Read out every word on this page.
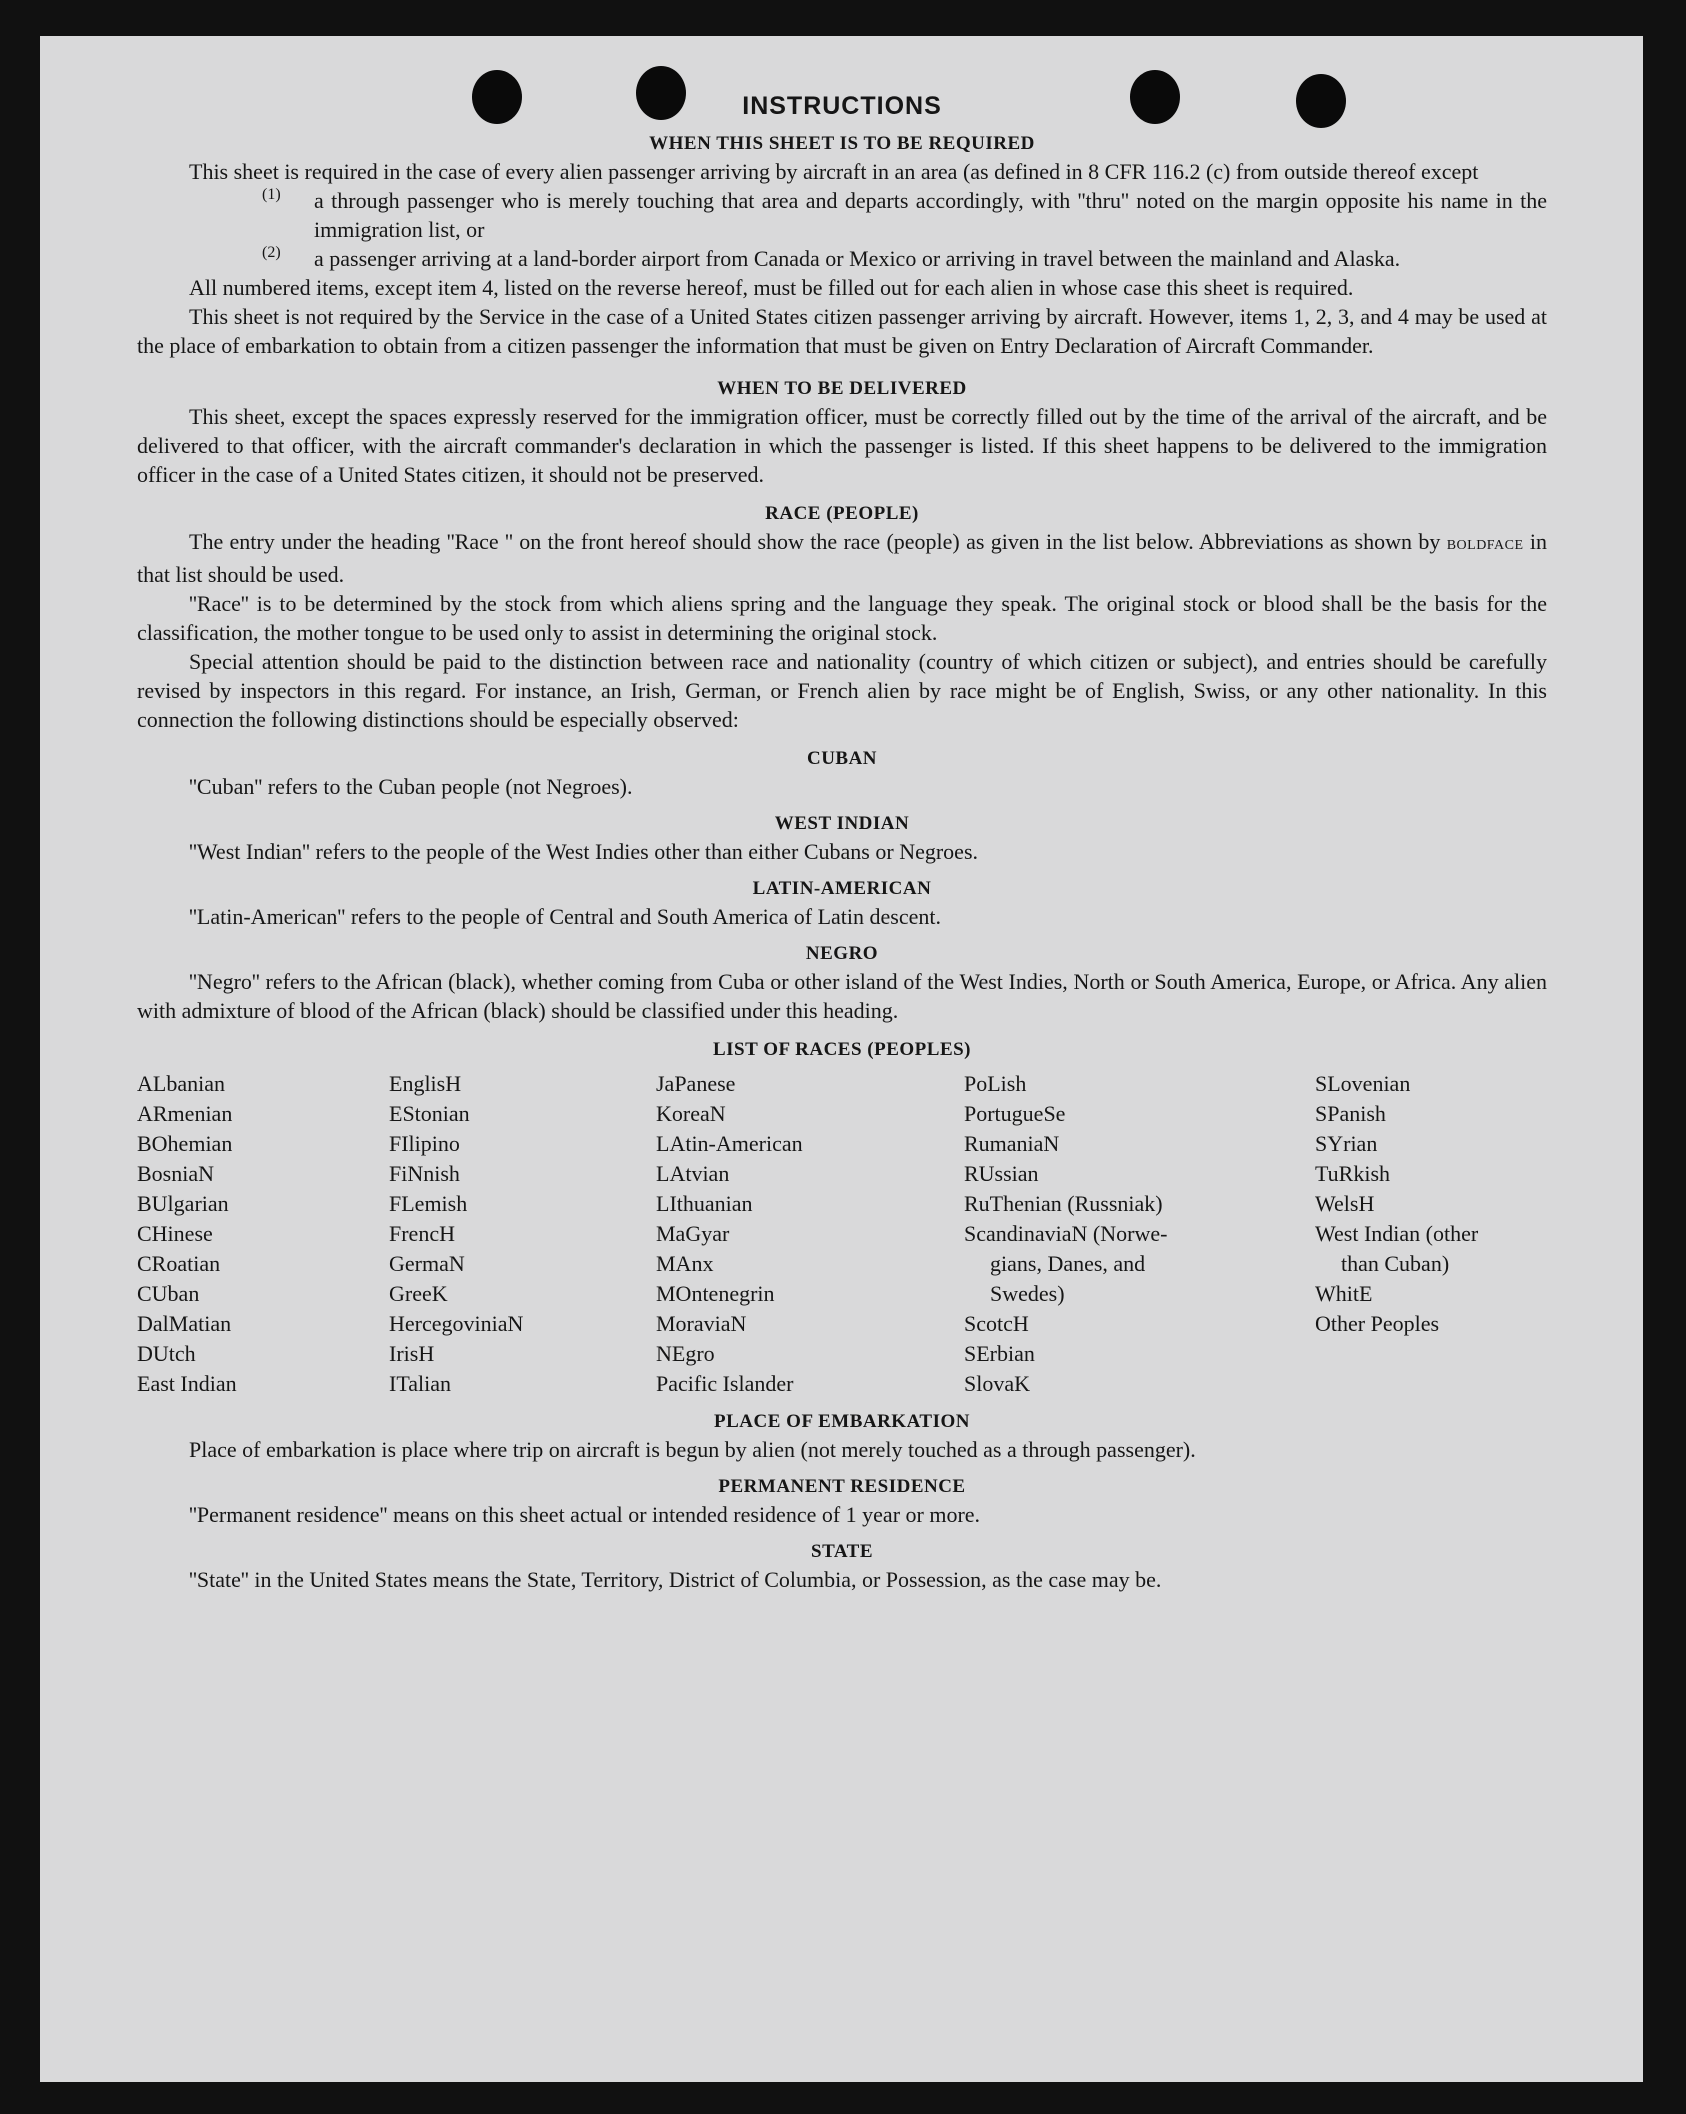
INSTRUCTIONS
WHEN THIS SHEET IS TO BE REQUIRED

This sheet is required in the case of every alien passenger arriving by aircraft in an area (as defined in 8 CFR 116.2 (c) from outside thereof except

(1)	a through passenger who is merely touching that area and departs accordingly, with ''thru'' noted on the margin opposite his name in the immigration list, or

(2)	a passenger arriving at a land-border airport from Canada or Mexico or arriving in travel between the mainland and Alaska.

All numbered items, except item 4, listed on the reverse hereof, must be filled out for each alien in whose case this sheet is required.

This sheet is not required by the Service in the case of a United States citizen passenger arriving by aircraft. However, items 1, 2, 3, and 4 may be used at the place of embarkation to obtain from a citizen passenger the information that must be given on Entry Declaration of Aircraft Commander.

WHEN TO BE DELIVERED

This sheet, except the spaces expressly reserved for the immigration officer, must be correctly filled out by the time of the arrival of the aircraft, and be delivered to that officer, with the aircraft commander's declaration in which the passenger is listed. If this sheet happens to be delivered to the immigration officer in the case of a United States citizen, it should not be preserved.

RACE (PEOPLE)

The entry under the heading ''Race '' on the front hereof should show the race (people) as given in the list below. Abbreviations as shown by BOLDFACE in that list should be used.

''Race'' is to be determined by the stock from which aliens spring and the language they speak. The original stock or blood shall be the basis for the classification, the mother tongue to be used only to assist in determining the original stock.

Special attention should be paid to the distinction between race and nationality (country of which citizen or subject), and entries should be carefully revised by inspectors in this regard. For instance, an Irish, German, or French alien by race might be of English, Swiss, or any other nationality. In this connection the following distinctions should be especially observed:

CUBAN

''Cuban'' refers to the Cuban people (not Negroes).

WEST INDIAN

''West Indian'' refers to the people of the West Indies other than either Cubans or Negroes.

LATIN-AMERICAN

''Latin-American'' refers to the people of Central and South America of Latin descent.

NEGRO

''Negro'' refers to the African (black), whether coming from Cuba or other island of the West Indies, North or South America, Europe, or Africa. Any alien with admixture of blood of the African (black) should be classified under this heading.

LIST OF RACES (PEOPLES)
ALbanian
ARmenian
BOhemian
BosniaN
BUlgarian
CHinese
CRoatian
CUban
DalMatian
DUtch
East Indian
EnglisH
EStonian
FIlipino
FiNnish
FLemish
FrencH
GermaN
GreeK
HercegoviniaN
IrisH
ITalian
JaPanese
KoreaN
LAtin-American
LAtvian
LIthuanian
MaGyar
MAnx
MOntenegrin
MoraviaN
NEgro
Pacific Islander
PoLish
PortugueSe
RumaniaN
RUssian
RuThenian (Russniak)
ScandinaviaN (Norwe-
gians, Danes, and
Swedes)
ScotcH
SErbian
SlovaK
SLovenian
SPanish
SYrian
TuRkish
WelsH
West Indian (other
than Cuban)
WhitE
Other Peoples
PLACE OF EMBARKATION

Place of embarkation is place where trip on aircraft is begun by alien (not merely touched as a through passenger).

PERMANENT RESIDENCE

''Permanent residence'' means on this sheet actual or intended residence of 1 year or more.

STATE

''State'' in the United States means the State, Territory, District of Columbia, or Possession, as the case may be.
